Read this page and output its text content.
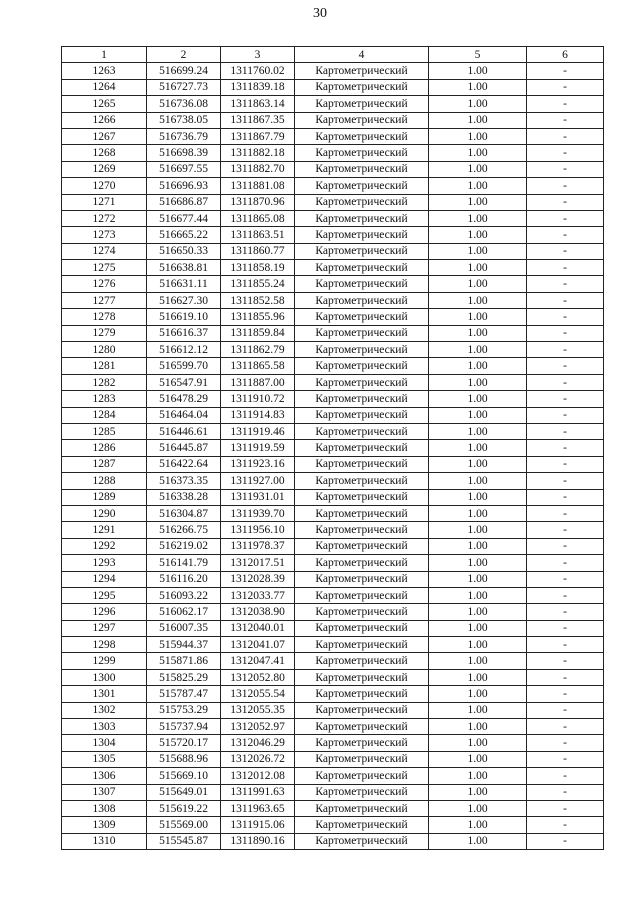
30
1	2	3	4	5	6
1263	516699.24	1311760.02	Картометрический	1.00	-
1264	516727.73	1311839.18	Картометрический	1.00	-
1265	516736.08	1311863.14	Картометрический	1.00	-
1266	516738.05	1311867.35	Картометрический	1.00	-
1267	516736.79	1311867.79	Картометрический	1.00	-
1268	516698.39	1311882.18	Картометрический	1.00	-
1269	516697.55	1311882.70	Картометрический	1.00	-
1270	516696.93	1311881.08	Картометрический	1.00	-
1271	516686.87	1311870.96	Картометрический	1.00	-
1272	516677.44	1311865.08	Картометрический	1.00	-
1273	516665.22	1311863.51	Картометрический	1.00	-
1274	516650.33	1311860.77	Картометрический	1.00	-
1275	516638.81	1311858.19	Картометрический	1.00	-
1276	516631.11	1311855.24	Картометрический	1.00	-
1277	516627.30	1311852.58	Картометрический	1.00	-
1278	516619.10	1311855.96	Картометрический	1.00	-
1279	516616.37	1311859.84	Картометрический	1.00	-
1280	516612.12	1311862.79	Картометрический	1.00	-
1281	516599.70	1311865.58	Картометрический	1.00	-
1282	516547.91	1311887.00	Картометрический	1.00	-
1283	516478.29	1311910.72	Картометрический	1.00	-
1284	516464.04	1311914.83	Картометрический	1.00	-
1285	516446.61	1311919.46	Картометрический	1.00	-
1286	516445.87	1311919.59	Картометрический	1.00	-
1287	516422.64	1311923.16	Картометрический	1.00	-
1288	516373.35	1311927.00	Картометрический	1.00	-
1289	516338.28	1311931.01	Картометрический	1.00	-
1290	516304.87	1311939.70	Картометрический	1.00	-
1291	516266.75	1311956.10	Картометрический	1.00	-
1292	516219.02	1311978.37	Картометрический	1.00	-
1293	516141.79	1312017.51	Картометрический	1.00	-
1294	516116.20	1312028.39	Картометрический	1.00	-
1295	516093.22	1312033.77	Картометрический	1.00	-
1296	516062.17	1312038.90	Картометрический	1.00	-
1297	516007.35	1312040.01	Картометрический	1.00	-
1298	515944.37	1312041.07	Картометрический	1.00	-
1299	515871.86	1312047.41	Картометрический	1.00	-
1300	515825.29	1312052.80	Картометрический	1.00	-
1301	515787.47	1312055.54	Картометрический	1.00	-
1302	515753.29	1312055.35	Картометрический	1.00	-
1303	515737.94	1312052.97	Картометрический	1.00	-
1304	515720.17	1312046.29	Картометрический	1.00	-
1305	515688.96	1312026.72	Картометрический	1.00	-
1306	515669.10	1312012.08	Картометрический	1.00	-
1307	515649.01	1311991.63	Картометрический	1.00	-
1308	515619.22	1311963.65	Картометрический	1.00	-
1309	515569.00	1311915.06	Картометрический	1.00	-
1310	515545.87	1311890.16	Картометрический	1.00	-
